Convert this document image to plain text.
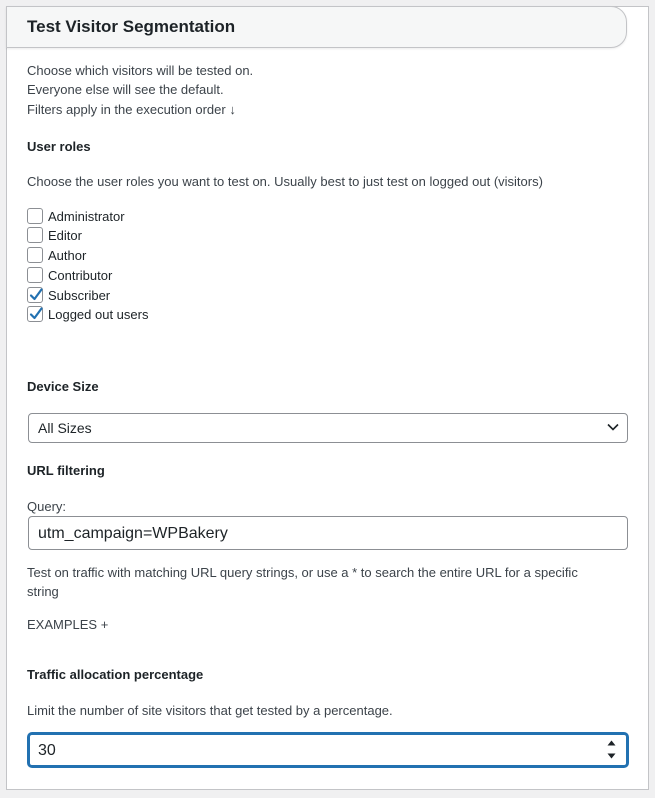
Test Visitor Segmentation
Choose which visitors will be tested on.
Everyone else will see the default.
Filters apply in the execution order ↓
User roles
Choose the user roles you want to test on. Usually best to just test on logged out (visitors)
Administrator
Editor
Author
Contributor
Subscriber
Logged out users
Device Size
All Sizes
URL filtering
Query:
utm_campaign=WPBakery
Test on traffic with matching URL query strings, or use a * to search the entire URL for a specific
string
EXAMPLES +
Traffic allocation percentage
Limit the number of site visitors that get tested by a percentage.
30
